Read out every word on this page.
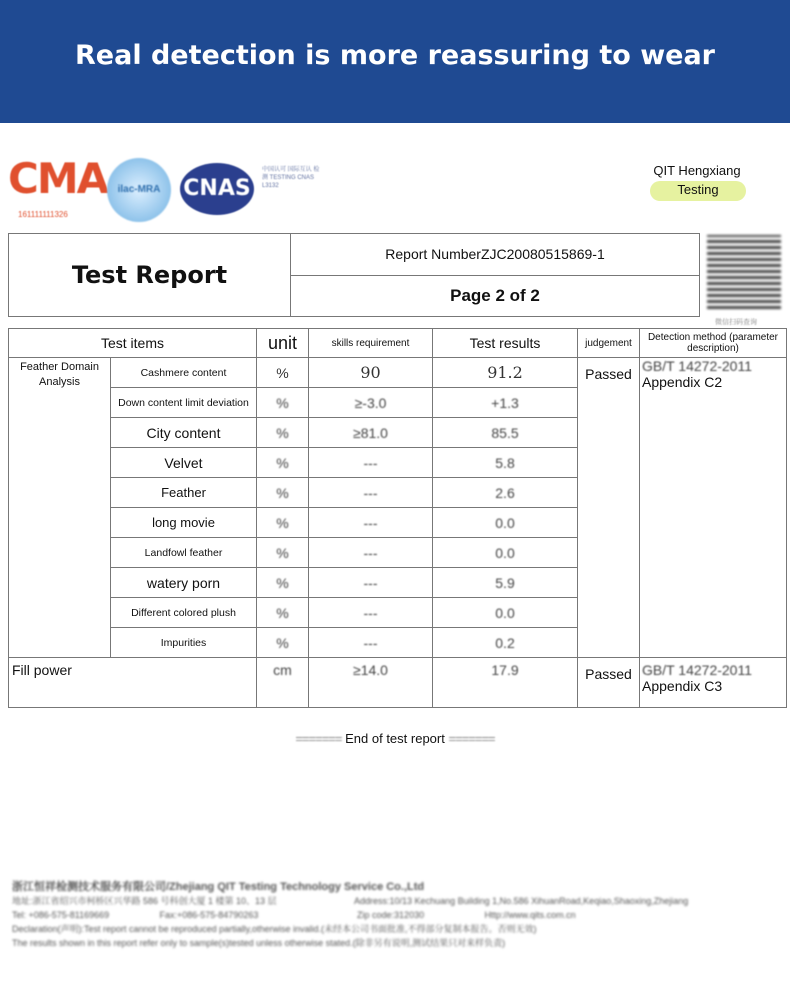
Real detection is more reassuring to wear
CMA
161111111326
ilac-MRA	CNAS
中国认可 国际互认 检测 TESTING CNAS L3132
QIT Hengxiang
Testing
Test Report	Report NumberZJC20080515869-1
Page 2 of 2
微信扫码查询
Test items		unit	skills requirement	Test results	judgement	Detection method (parameter description)
Feather Domain Analysis	Cashmere content	%	90	91.2	Passed	GB/T 14272-2011
Appendix C2
	Down content limit deviation	%	≥-3.0	+1.3		
	City content	%	≥81.0	85.5		
	Velvet	%	---	5.8		
	Feather	%	---	2.6		
	long movie	%	---	0.0		
	Landfowl feather	%	---	0.0		
	watery porn	%	---	5.9		
	Different colored plush	%	---	0.0		
	Impurities	%	---	0.2		
Fill power		cm	≥14.0	17.9	Passed	GB/T 14272-2011
Appendix C3
======= End of test report =======
浙江恒祥检测技术服务有限公司/Zhejiang QIT Testing Technology Service Co.,Ltd
地址:浙江省绍兴市柯桥区兴华路 586 号科创大厦 1 楼第 10、13 层	Address:10/13 Kechuang Building 1,No.586 XihuanRoad,Keqiao,Shaoxing,Zhejiang
Tel: +086-575-81169669	Fax:+086-575-84790263	Zip code:312030	Http://www.qits.com.cn
Declaration(声明):Test report cannot be reproduced partially,otherwise invalid.(未经本公司书面批准,不得部分复制本报告。否则无效)
The results shown in this report refer only to sample(s)tested unless otherwise stated.(除非另有说明,测试结果只对来样负责)
